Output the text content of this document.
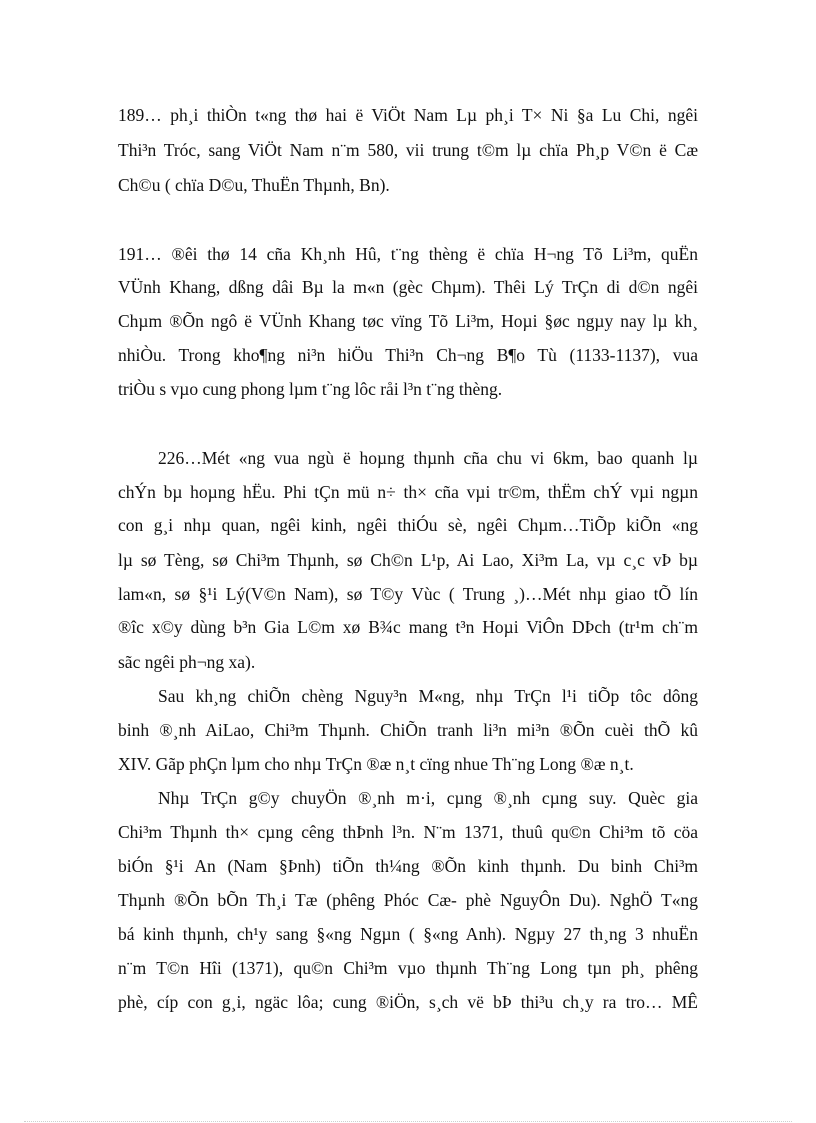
189… ph¸i thiÒn t«ng thø hai ë ViÖt Nam Lµ ph¸i T× Ni §a Lu Chi, ngêi
Thi³n Tróc, sang ViÖt Nam n¨m 580, vii trung t©m lµ chïa Ph¸p V©n ë Cæ
Ch©u ( chïa D©u, ThuËn Thµnh, Bn).
191… ®êi thø 14 cña Kh¸nh Hû, t¨ng thèng ë chïa H¬ng Tõ Li³m, quËn
VÜnh Khang, dßng dâi Bµ la m«n (gèc Chµm). Thêi Lý TrÇn di d©n ngêi
Chµm ®Õn ngô ë VÜnh Khang tøc vïng Tõ Li³m, Hoµi §øc ngµy nay lµ kh¸
nhiÒu. Trong kho¶ng ni³n hiÖu Thi³n Ch¬ng B¶o Tù (1133-1137), vua
triÒu s vµo cung phong lµm t¨ng lôc råi l³n t¨ng thèng.
226…Mét «ng vua ngù ë hoµng thµnh cña chu vi 6km, bao quanh lµ
chÝn bµ hoµng hËu. Phi tÇn mü n÷ th× cña vµi tr©m, thËm chÝ vµi ngµn
con g¸i nhµ quan, ngêi kinh, ngêi thiÓu sè, ngêi Chµm…TiÕp kiÕn «ng
lµ sø Tèng, sø Chi³m Thµnh, sø Ch©n L¹p, Ai Lao, Xi³m La, vµ c¸c vÞ bµ
lam«n, sø §¹i Lý(V©n Nam), sø T©y Vùc ( Trung ¸)…Mét nhµ giao tÕ lín
®îc x©y dùng b³n Gia L©m xø B¾c mang t³n Hoµi ViÔn DÞch (tr¹m ch¨m
sãc ngêi ph¬ng xa).
Sau kh¸ng chiÕn chèng Nguy³n M«ng, nhµ TrÇn l¹i tiÕp tôc dông
binh ®¸nh AiLao, Chi³m Thµnh. ChiÕn tranh li³n mi³n ®Õn cuèi thÕ kû
XIV. Gãp phÇn lµm cho nhµ TrÇn ®æ n¸t cïng nhue Th¨ng Long ®æ n¸t.
Nhµ TrÇn g©y chuyÖn ®¸nh m·i, cµng ®¸nh cµng suy. Quèc gia
Chi³m Thµnh th× cµng cêng thÞnh l³n. N¨m 1371, thuû qu©n Chi³m tõ cöa
biÓn §¹i An (Nam §Þnh) tiÕn th¼ng ®Õn kinh thµnh. Du binh Chi³m
Thµnh ®Õn bÕn Th¸i Tæ (phêng Phóc Cæ- phè NguyÔn Du). NghÖ T«ng
bá kinh thµnh, ch¹y sang §«ng Ngµn ( §«ng Anh). Ngµy 27 th¸ng 3 nhuËn
n¨m T©n Hîi (1371), qu©n Chi³m vµo thµnh Th¨ng Long tµn ph¸ phêng
phè, cíp con g¸i, ngäc lôa; cung ®iÖn, s¸ch vë bÞ thi³u ch¸y ra tro… MÊ
